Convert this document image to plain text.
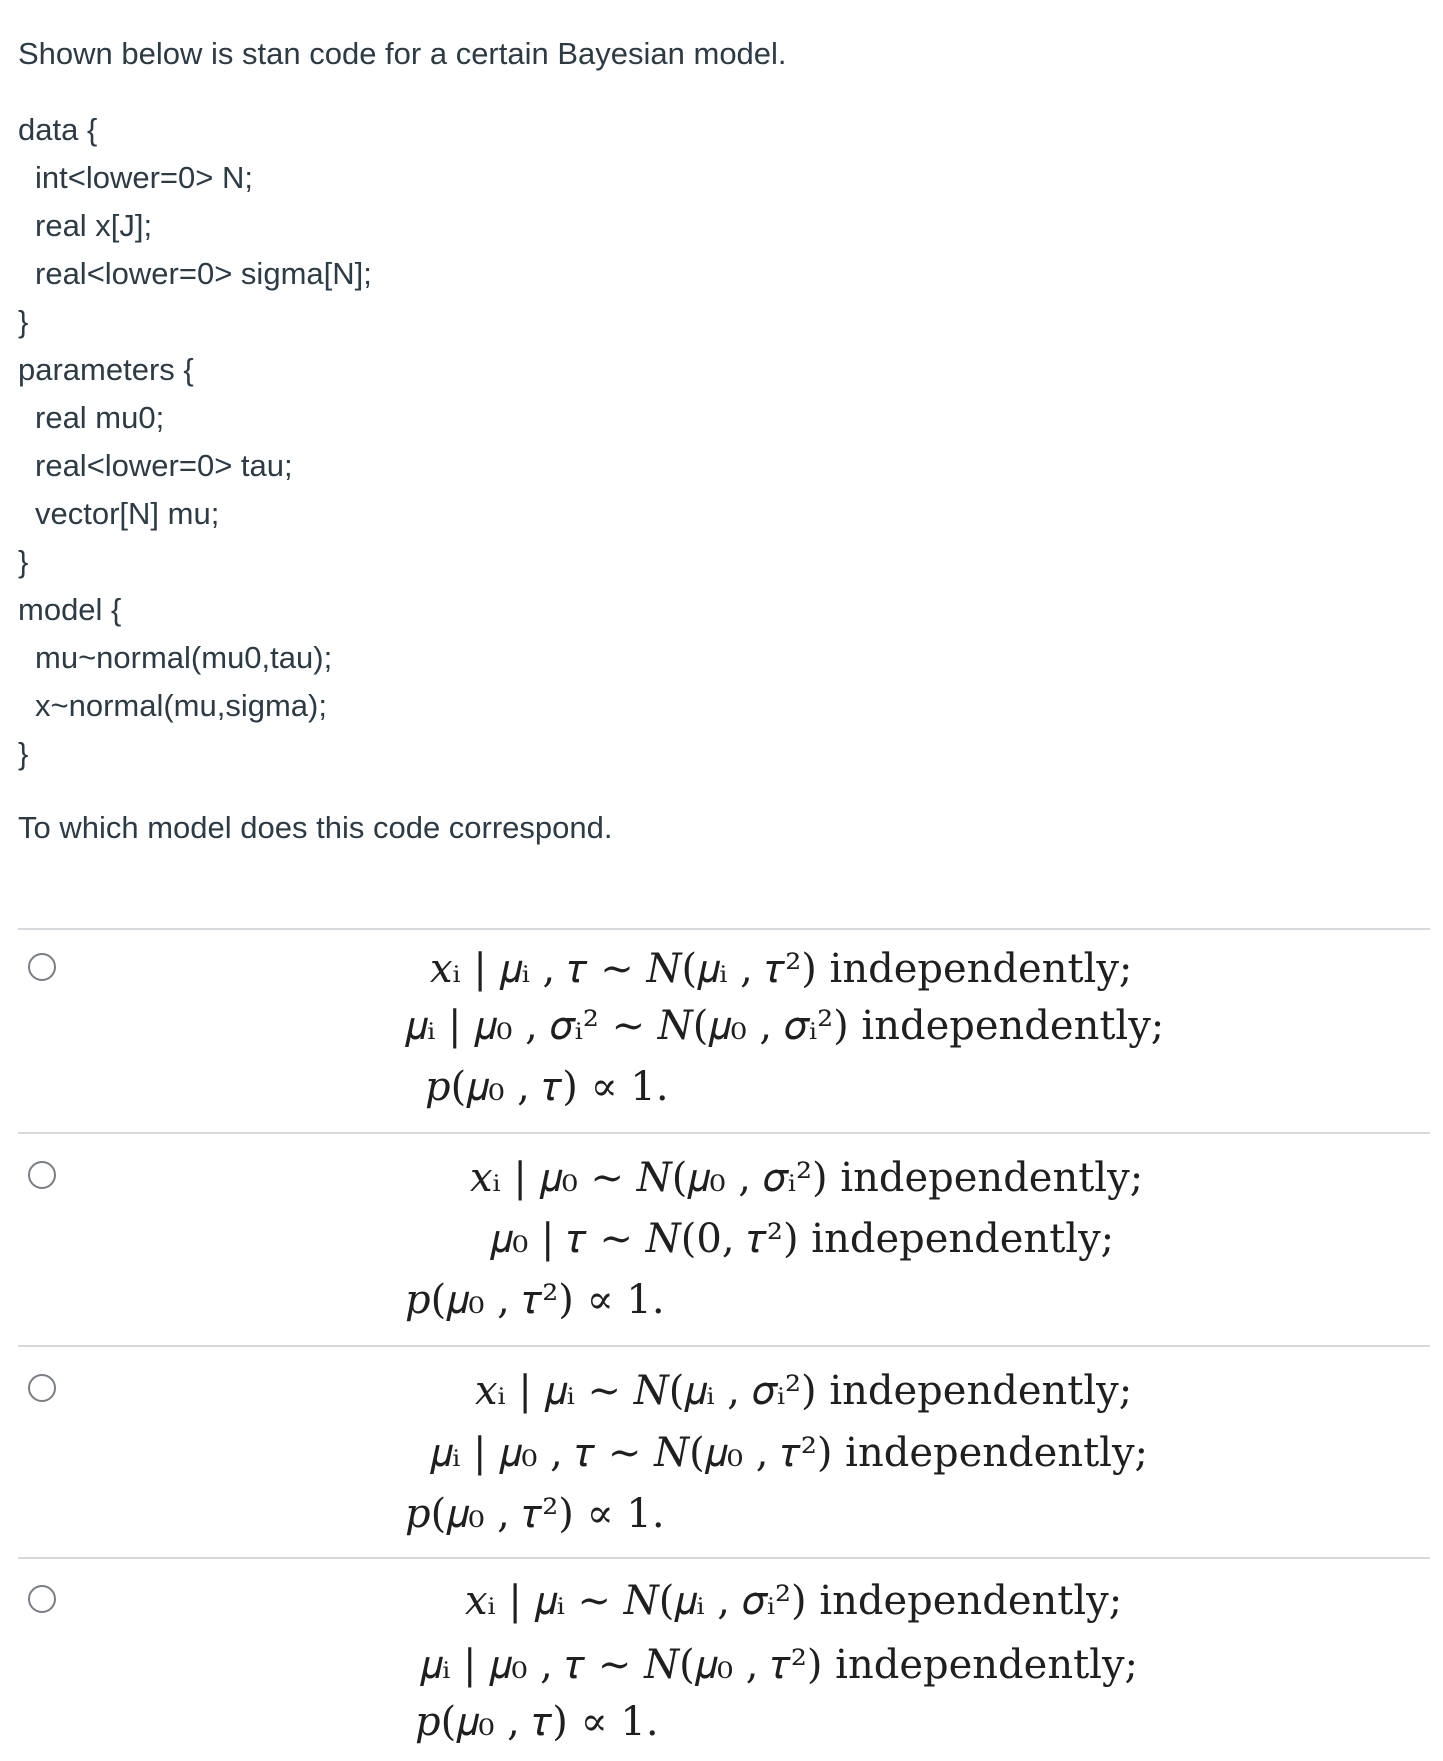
Shown below is stan code for a certain Bayesian model.
data {
int<lower=0> N;
real x[J];
real<lower=0> sigma[N];
}
parameters {
real mu0;
real<lower=0> tau;
vector[N] mu;
}
model {
mu~normal(mu0,tau);
x~normal(mu,sigma);
}
To which model does this code correspond.
𝑥ᵢ | 𝜇ᵢ , 𝜏 ∼ 𝑁(𝜇ᵢ , 𝜏²) independently;
𝜇ᵢ | 𝜇₀ , 𝜎ᵢ² ∼ 𝑁(𝜇₀ , 𝜎ᵢ²) independently;
𝑝(𝜇₀ , 𝜏) ∝ 1.
𝑥ᵢ | 𝜇₀ ∼ 𝑁(𝜇₀ , 𝜎ᵢ²) independently;
𝜇₀ | 𝜏 ∼ 𝑁(0, 𝜏²) independently;
𝑝(𝜇₀ , 𝜏²) ∝ 1.
𝑥ᵢ | 𝜇ᵢ ∼ 𝑁(𝜇ᵢ , 𝜎ᵢ²) independently;
𝜇ᵢ | 𝜇₀ , 𝜏 ∼ 𝑁(𝜇₀ , 𝜏²) independently;
𝑝(𝜇₀ , 𝜏²) ∝ 1.
𝑥ᵢ | 𝜇ᵢ ∼ 𝑁(𝜇ᵢ , 𝜎ᵢ²) independently;
𝜇ᵢ | 𝜇₀ , 𝜏 ∼ 𝑁(𝜇₀ , 𝜏²) independently;
𝑝(𝜇₀ , 𝜏) ∝ 1.
